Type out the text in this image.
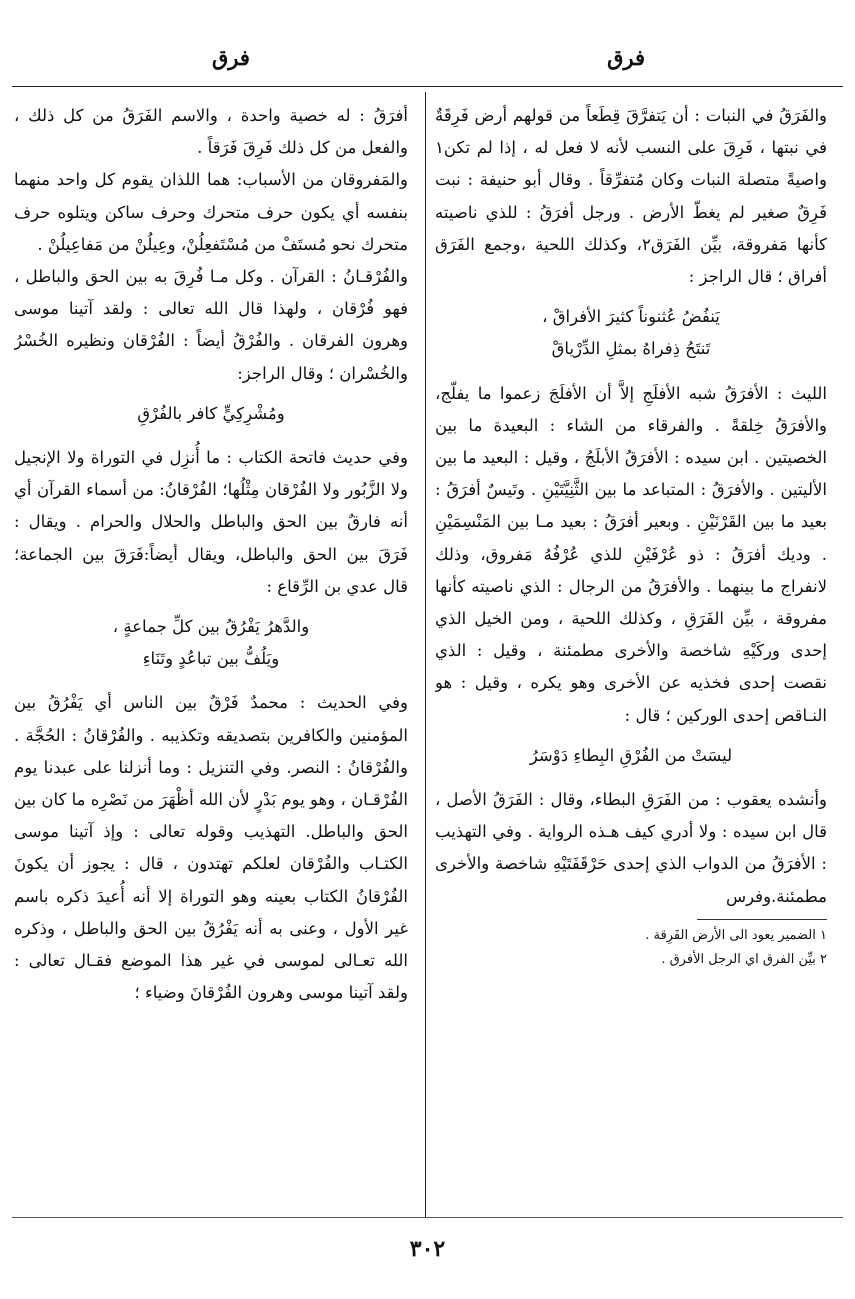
فرق
فرق

والفَرَقُ في النبات : أن يَتفرَّقَ قِطَعاً من قولهم أرض فَرِقَةٌ في نبتها ، فَرِقَ على النسب لأنه لا فعل له ، إذا لم تكن١ واصيةً متصلة النبات وكان مُتفرِّقاً . وقال أبو حنيفة : نبت فَرِقٌ صغير لم يغطّ الأرض . ورجل أفرَقُ : للذي ناصيته كأنها مَفروقة، بيِّن الفَرَق٢، وكذلك اللحية ،وجمع الفَرَق أفراق ؛ قال الراجز :

يَنفُضُ عُثنوناً كثيرَ الأفراقْ ،
تَنتَحُ ذِفراهُ بمثلِ الدِّرْياقْ

الليث : الأفرَقُ شبه الأفلَجِ إلاَّ أن الأفلَجَ زعموا ما يفلّج، والأفرَقُ خِلقةً . والفرقاء من الشاء : البعيدة ما بين الخصيتين . ابن سيده : الأفرَقُ الأبلَجُ ، وقيل : البعيد ما بين الأليتين . والأفرَقُ : المتباعد ما بين الثَّنِيَّتَيْنِ . وتَيسٌ أفرَقُ : بعيد ما بين القَرْنَيْنِ . وبعير أفرَقُ : بعيد مـا بين المَنْسِمَيْنِ . وديك أفرَقُ : ذو عُرْفَيْنِ للذي عُرْفُهُ مَفروق، وذلك لانفراج ما بينهما . والأفرَقُ من الرجال : الذي ناصيته كأنها مفروقة ، بيِّن الفَرَقِ ، وكذلك اللحية ، ومن الخيل الذي إحدى وركَيْهِ شاخصة والأخرى مطمئنة ، وقيل : الذي نقصت إحدى فخذيه عن الأخرى وهو يكره ، وقيل : هو النـاقص إحدى الوركين ؛ قال :

ليسَتْ من الفُرْقِ البِطاءِ دَوْسَرُ

وأنشده يعقوب : من الفَرَقِ البطاء، وقال : الفَرَقُ الأصل ، قال ابن سيده : ولا أدري كيف هـذه الرواية . وفي التهذيب : الأفرَقُ من الدواب الذي إحدى حَرْقَفَتَيْهِ شاخصة والأخرى مطمئنة.وفرس

١ الضمير يعود الى الأرض الفَرِقة .
٢ بيِّن الفرق اي الرجل الأفرق .

أفرَقُ : له خصية واحدة ، والاسم الفَرَقُ من كل ذلك ، والفعل من كل ذلك فَرِقَ فَرَقاً .

والمَفروقان من الأسباب: هما اللذان يقوم كل واحد منهما بنفسه أي يكون حرف متحرك وحرف ساكن ويتلوه حرف متحرك نحو مُستَفْ من مُسْتَفعِلُنْ، وعِيلُنْ من مَفاعِيلُنْ .

والفُرْقـانُ : القرآن . وكل مـا فُرِقَ به بين الحق والباطل ، فهو فُرْقان ، ولهذا قال الله تعالى : ولقد آتينا موسى وهرون الفرقان . والفُرْقُ أيضاً : الفُرْقان ونظيره الخُسْرُ والخُسْران ؛ وقال الراجز:

ومُشْرِكِيٍّ كافر بالفُرْقِ

وفي حديث فاتحة الكتاب : ما أُنزِل في التوراة ولا الإنجيل ولا الزَّبُور ولا الفُرْقان مِثْلُها؛ الفُرْقانُ: من أسماء القرآن أي أنه فارقٌ بين الحق والباطل والحلال والحرام . ويقال : فَرَقَ بين الحق والباطل، ويقال أيضاً:فَرَقَ بين الجماعة؛ قال عدي بن الرِّقاع :

والدَّهرُ يَفْرُقُ بين كلِّ جماعةٍ ،
ويَلُفُّ بين تباعُدٍ وتَنَاءِ

وفي الحديث : محمدٌ فَرْقٌ بين الناس أي يَفْرُقُ بين المؤمنين والكافرين بتصديقه وتكذيبه . والفُرْقانُ : الحُجَّة . والفُرْقانُ : النصر. وفي التنزيل : وما أنزلنا على عبدنا يوم الفُرْقـان ، وهو يوم بَدْرٍ لأن الله أظْهَرَ من نَصْرِه ما كان بين الحق والباطل. التهذيب وقوله تعالى : وإذ آتينا موسى الكتـاب والفُرْقان لعلكم تهتدون ، قال : يجوز أن يكونَ الفُرْقانُ الكتاب بعينه وهو التوراة إلا أنه أُعيدَ ذكره باسم غير الأول ، وعنى به أنه يَفْرُقُ بين الحق والباطل ، وذكره الله تعـالى لموسى في غير هذا الموضع فقـال تعالى : ولقد آتينا موسى وهرون الفُرْقانَ وضياء ؛

٣٠٢
